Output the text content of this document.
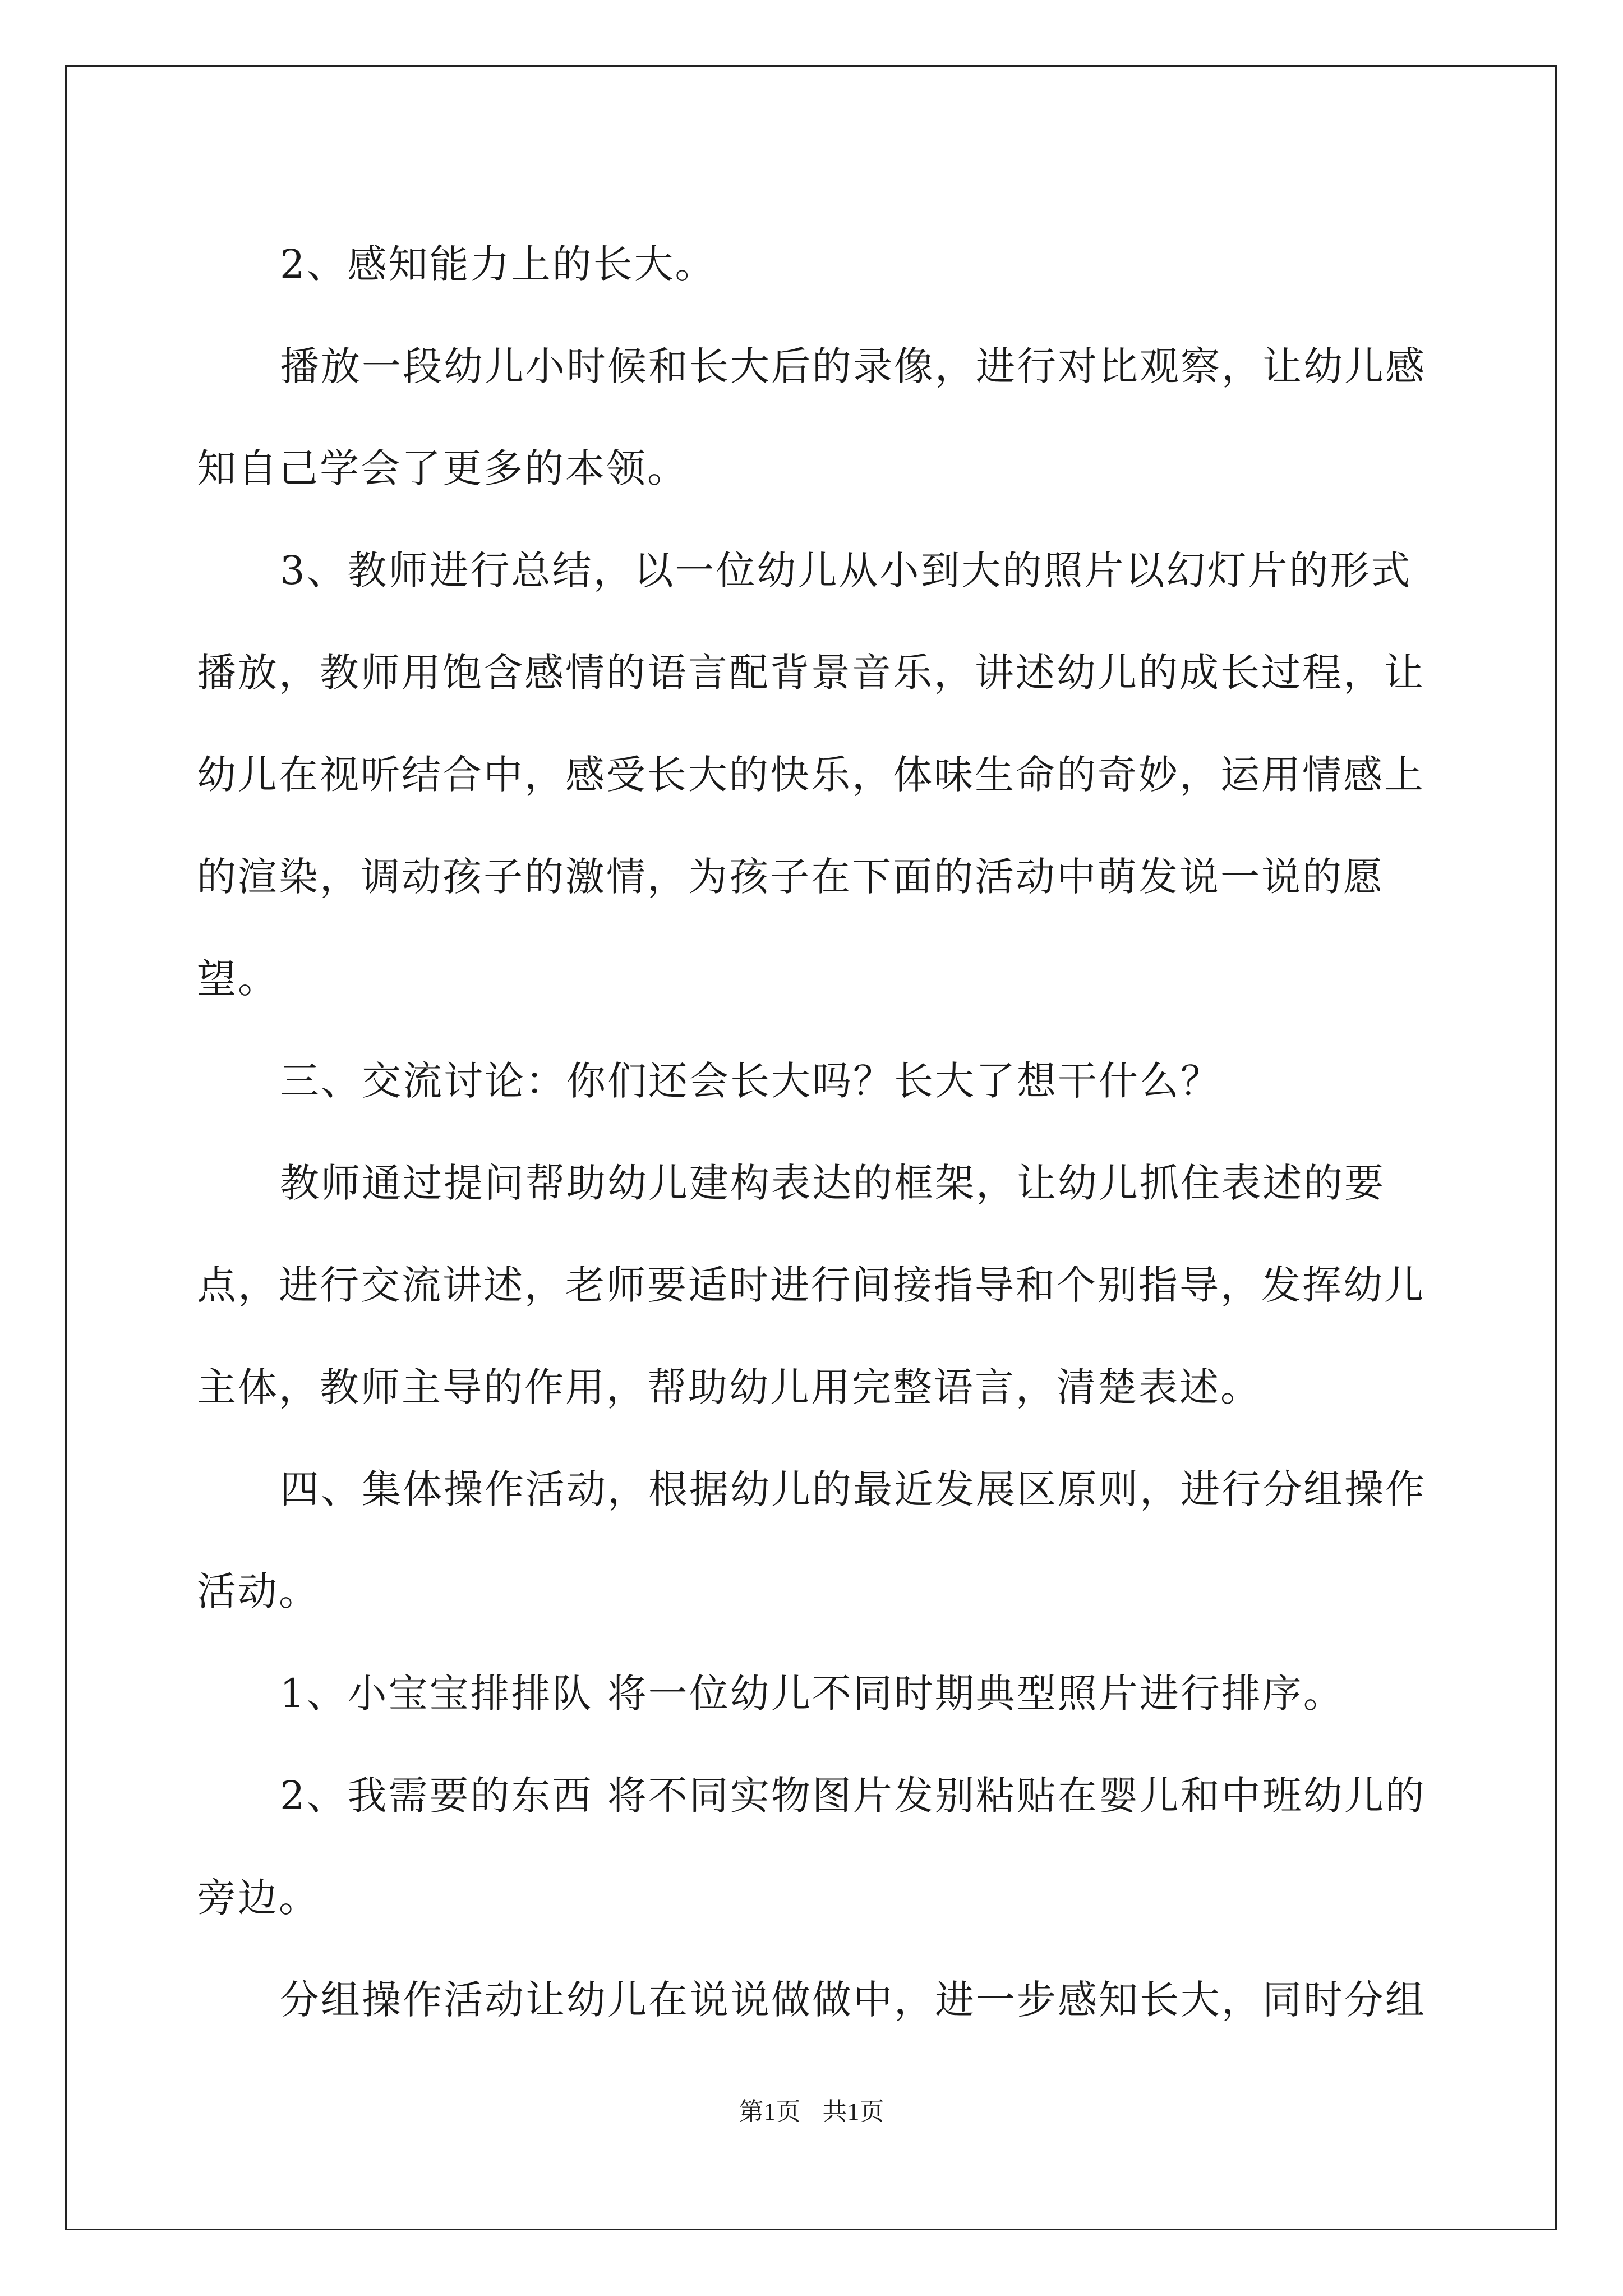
2、感知能力上的长大。

播放一段幼儿小时候和长大后的录像，进行对比观察，让幼儿感知自己学会了更多的本领。

3、教师进行总结，以一位幼儿从小到大的照片以幻灯片的形式播放，教师用饱含感情的语言配背景音乐，讲述幼儿的成长过程，让幼儿在视听结合中，感受长大的快乐，体味生命的奇妙，运用情感上的渲染，调动孩子的激情，为孩子在下面的活动中萌发说一说的愿望。

三、交流讨论：你们还会长大吗？长大了想干什么？

教师通过提问帮助幼儿建构表达的框架，让幼儿抓住表述的要点，进行交流讲述，老师要适时进行间接指导和个别指导，发挥幼儿主体，教师主导的作用，帮助幼儿用完整语言，清楚表述。

四、集体操作活动，根据幼儿的最近发展区原则，进行分组操作活动。

1、小宝宝排排队 将一位幼儿不同时期典型照片进行排序。

2、我需要的东西 将不同实物图片发别粘贴在婴儿和中班幼儿的旁边。

分组操作活动让幼儿在说说做做中，进一步感知长大，同时分组

第1页 共1页
